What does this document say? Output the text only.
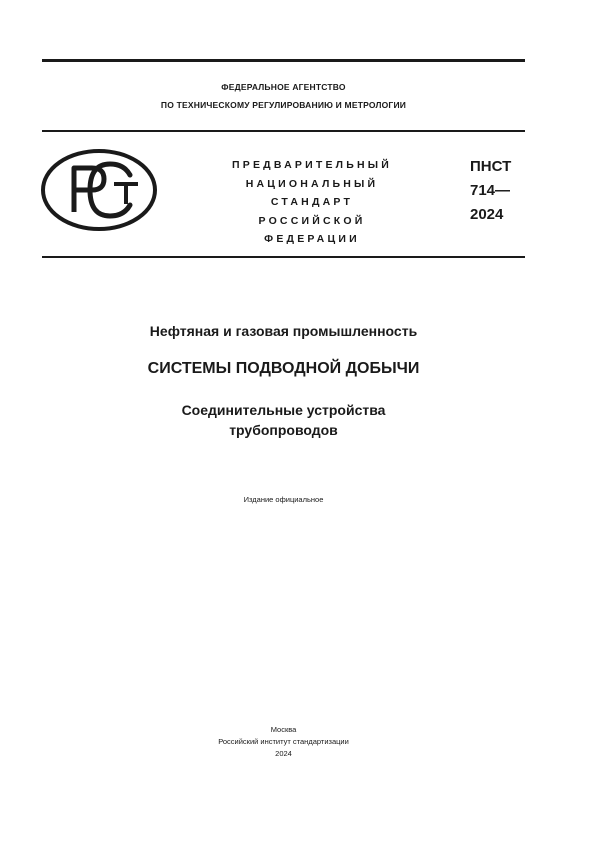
ФЕДЕРАЛЬНОЕ АГЕНТСТВО
ПО ТЕХНИЧЕСКОМУ РЕГУЛИРОВАНИЮ И МЕТРОЛОГИИ
ПРЕДВАРИТЕЛЬНЫЙ
НАЦИОНАЛЬНЫЙ
СТАНДАРТ
РОССИЙСКОЙ
ФЕДЕРАЦИИ
ПНСТ
714—
2024
Нефтяная и газовая промышленность
СИСТЕМЫ ПОДВОДНОЙ ДОБЫЧИ
Соединительные устройства
трубопроводов
Издание официальное
Москва
Российский институт стандартизации
2024
